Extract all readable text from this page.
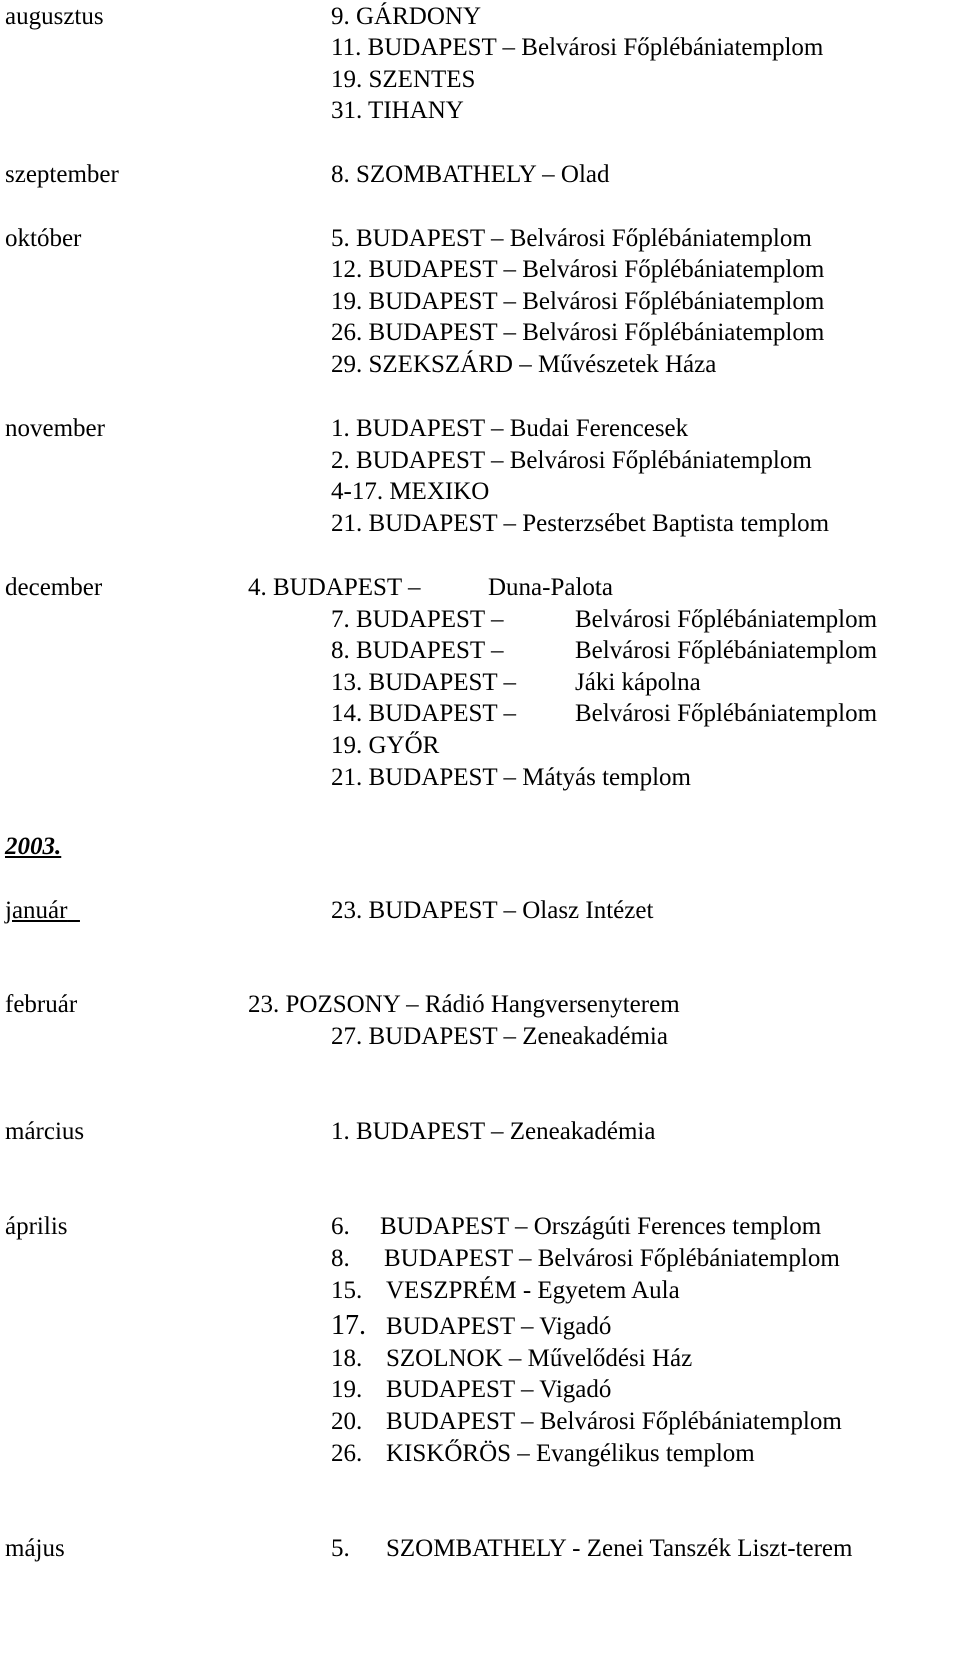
augusztus	9. GÁRDONY
11. BUDAPEST – Belvárosi Főplébániatemplom
19. SZENTES
31. TIHANY
szeptember	8. SZOMBATHELY – Olad
október	5. BUDAPEST – Belvárosi Főplébániatemplom
12. BUDAPEST – Belvárosi Főplébániatemplom
19. BUDAPEST – Belvárosi Főplébániatemplom
26. BUDAPEST – Belvárosi Főplébániatemplom
29. SZEKSZÁRD – Művészetek Háza
november	1. BUDAPEST – Budai Ferencesek
2. BUDAPEST – Belvárosi Főplébániatemplom
4-17. MEXIKO
21. BUDAPEST – Pesterzsébet Baptista templom
december	4. BUDAPEST –	Duna-Palota
7. BUDAPEST –	Belvárosi Főplébániatemplom
8. BUDAPEST –	Belvárosi Főplébániatemplom
13. BUDAPEST – Jáki kápolna
14. BUDAPEST – Belvárosi Főplébániatemplom
19. GYŐR
21. BUDAPEST – Mátyás templom
2003.
január	23. BUDAPEST – Olasz Intézet
február	23. POZSONY – Rádió Hangversenyterem
27. BUDAPEST – Zeneakadémia
március	1. BUDAPEST – Zeneakadémia
április	6. BUDAPEST – Országúti Ferences templom
8. BUDAPEST – Belvárosi Főplébániatemplom
15. VESZPRÉM - Egyetem Aula
17. BUDAPEST – Vigadó
18. SZOLNOK – Művelődési Ház
19. BUDAPEST – Vigadó
20. BUDAPEST – Belvárosi Főplébániatemplom
26. KISKŐRÖS – Evangélikus templom
május	5. SZOMBATHELY - Zenei Tanszék Liszt-terem
